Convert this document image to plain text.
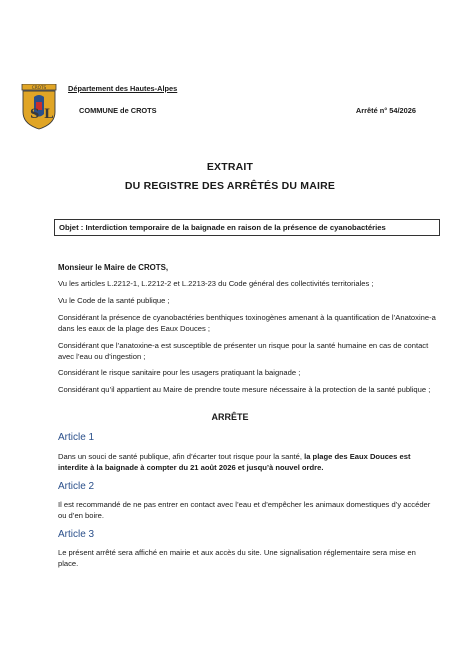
CROTS
S L
Département des Hautes-Alpes
COMMUNE de CROTS	Arrêté n° 54/2026
EXTRAIT
DU REGISTRE DES ARRÊTÉS DU MAIRE
Objet : Interdiction temporaire de la baignade en raison de la présence de cyanobactéries
Monsieur le Maire de CROTS,
Vu les articles L.2212-1, L.2212-2 et L.2213-23 du Code général des collectivités territoriales ;
Vu le Code de la santé publique ;
Considérant la présence de cyanobactéries benthiques toxinogènes amenant à la quantification de l’Anatoxine-a dans les eaux de la plage des Eaux Douces ;
Considérant que l’anatoxine-a est susceptible de présenter un risque pour la santé humaine en cas de contact avec l’eau ou d’ingestion ;
Considérant le risque sanitaire pour les usagers pratiquant la baignade ;
Considérant qu’il appartient au Maire de prendre toute mesure nécessaire à la protection de la santé publique ;
ARRÊTE
Article 1
Dans un souci de santé publique, afin d’écarter tout risque pour la santé, la plage des Eaux Douces est interdite à la baignade à compter du 21 août 2026 et jusqu’à nouvel ordre.
Article 2
Il est recommandé de ne pas entrer en contact avec l’eau et d’empêcher les animaux domestiques d’y accéder ou d’en boire.
Article 3
Le présent arrêté sera affiché en mairie et aux accès du site. Une signalisation réglementaire sera mise en place.
